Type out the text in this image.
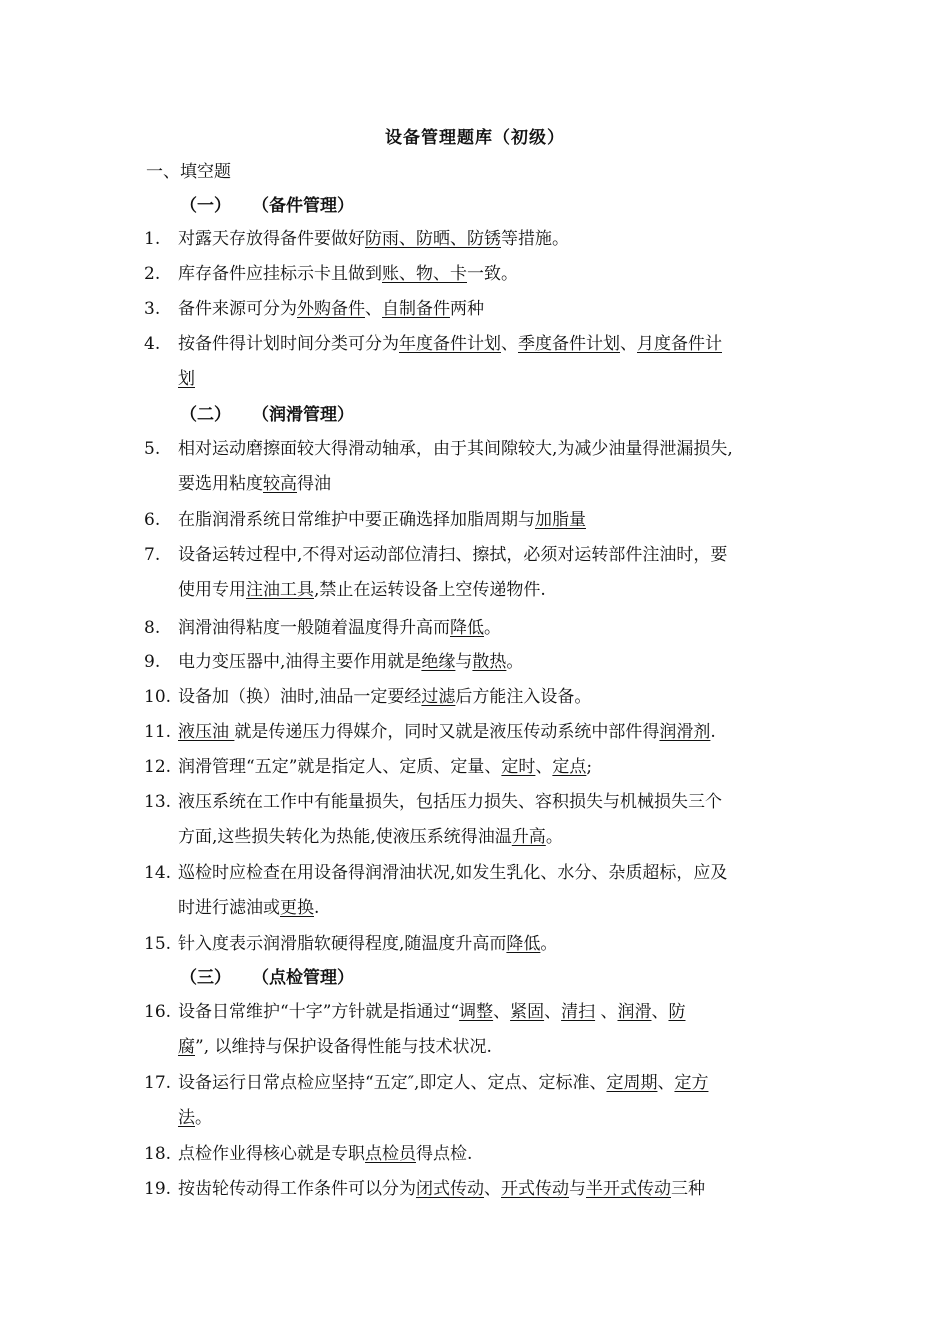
设备管理题库（初级）
一、填空题
（一） （备件管理）
（二） （润滑管理）
（三） （点检管理）
1.	对露天存放得备件要做好防雨、防晒、防锈等措施。
2.	库存备件应挂标示卡且做到账、物、卡一致。
3.	备件来源可分为外购备件、自制备件两种
4.	按备件得计划时间分类可分为年度备件计划、季度备件计划、月度备件计
划
5.	相对运动磨擦面较大得滑动轴承，由于其间隙较大,为减少油量得泄漏损失,
要选用粘度较高得油
6.	在脂润滑系统日常维护中要正确选择加脂周期与加脂量
7.	设备运转过程中,不得对运动部位清扫、擦拭，必须对运转部件注油时，要
使用专用注油工具,禁止在运转设备上空传递物件.
8.	润滑油得粘度一般随着温度得升高而降低。
9.	电力变压器中,油得主要作用就是绝缘与散热。
10. 设备加（换）油时,油品一定要经过滤后方能注入设备。
11. 液压油 就是传递压力得媒介，同时又就是液压传动系统中部件得润滑剂.
12. 润滑管理“五定”就是指定人、定质、定量、定时、定点;
13. 液压系统在工作中有能量损失，包括压力损失、容积损失与机械损失三个
方面,这些损失转化为热能,使液压系统得油温升高。
14. 巡检时应检查在用设备得润滑油状况,如发生乳化、水分、杂质超标，应及
时进行滤油或更换.
15. 针入度表示润滑脂软硬得程度,随温度升高而降低。
16. 设备日常维护“十字”方针就是指通过“调整、紧固、清扫 、润滑、防
腐”, 以维持与保护设备得性能与技术状况.
17. 设备运行日常点检应坚持“五定″,即定人、定点、定标准、定周期、定方
法。
18. 点检作业得核心就是专职点检员得点检.
19. 按齿轮传动得工作条件可以分为闭式传动、开式传动与半开式传动三种
